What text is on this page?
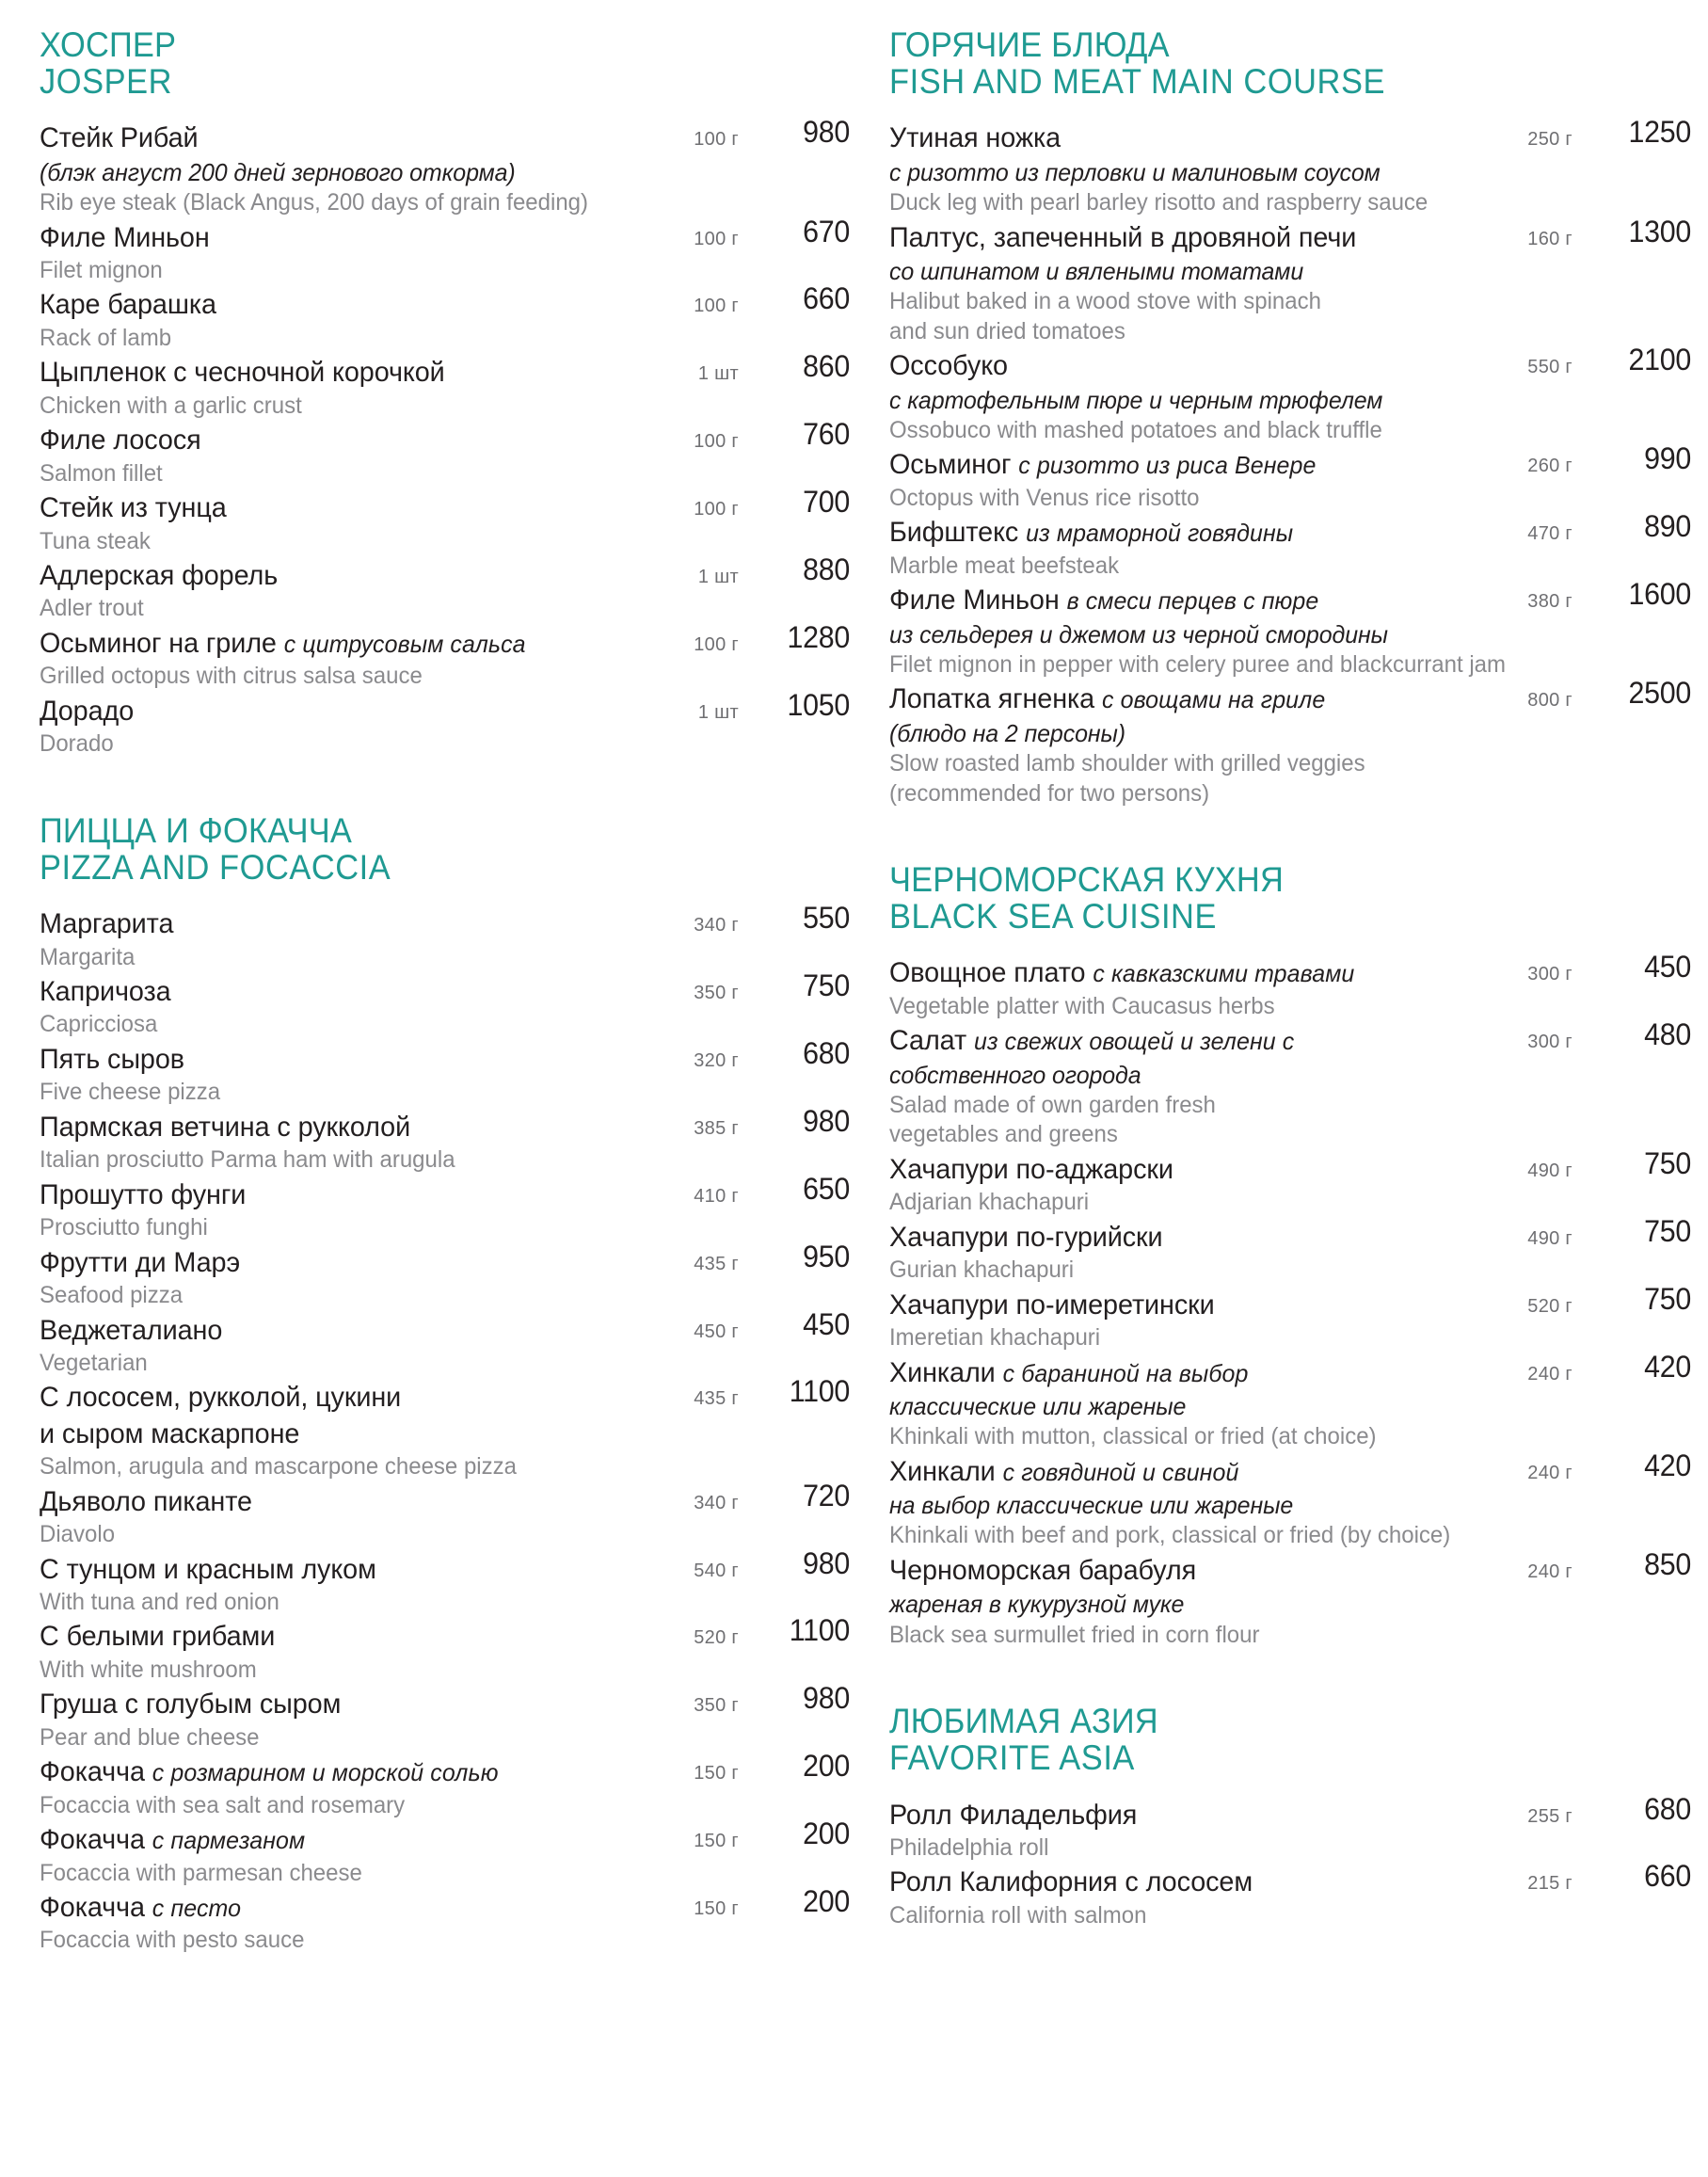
ХОСПЕР
JOSPER
Стейк Рибай
(блэк ангуст 200 дней зернового откорма)
100 г	980
Rib eye steak (Black Angus, 200 days of grain feeding)
Филе Миньон	100 г	670
Filet mignon
Каре барашка	100 г	660
Rack of lamb
Цыпленок с чесночной корочкой	1 шт	860
Chicken with a garlic crust
Филе лосося	100 г	760
Salmon fillet
Стейк из тунца	100 г	700
Tuna steak
Адлерская форель	1 шт	880
Adler trout
Осьминог на гриле с цитрусовым сальса	100 г	1280
Grilled octopus with citrus salsa sauce
Дорадо	1 шт	1050
Dorado
ПИЦЦА И ФОКАЧЧА
PIZZA AND FOCACCIA
Маргарита	340 г	550
Margarita
Капричоза	350 г	750
Capricciosa
Пять сыров	320 г	680
Five cheese pizza
Пармская ветчина с рукколой	385 г	980
Italian prosciutto Parma ham with arugula
Прошутто фунги	410 г	650
Prosciutto funghi
Фрутти ди Марэ	435 г	950
Seafood pizza
Веджеталиано	450 г	450
Vegetarian
С лососем, рукколой, цукини
и сыром маскарпоне
435 г	1100
Salmon, arugula and mascarpone cheese pizza
Дьяволо пиканте	340 г	720
Diavolo
С тунцом и красным луком	540 г	980
With tuna and red onion
С белыми грибами	520 г	1100
With white mushroom
Груша с голубым сыром	350 г	980
Pear and blue cheese
Фокачча с розмарином и морской солью	150 г	200
Focaccia with sea salt and rosemary
Фокачча с пармезаном	150 г	200
Focaccia with parmesan cheese
Фокачча с песто	150 г	200
Focaccia with pesto sauce
ГОРЯЧИЕ БЛЮДА
FISH AND MEAT MAIN COURSE
Утиная ножка
с ризотто из перловки и малиновым соусом
250 г	1250
Duck leg with pearl barley risotto and raspberry sauce
Палтус, запеченный в дровяной печи
со шпинатом и вялеными томатами
160 г	1300
Halibut baked in a wood stove with spinach
and sun dried tomatoes
Оссобуко
с картофельным пюре и черным трюфелем
550 г	2100
Ossobuco with mashed potatoes and black truffle
Осьминог с ризотто из риса Венере	260 г	990
Octopus with Venus rice risotto
Бифштекс из мраморной говядины	470 г	890
Marble meat beefsteak
Филе Миньон в смеси перцев с пюре
из сельдерея и джемом из черной смородины
380 г	1600
Filet mignon in pepper with celery puree and blackcurrant jam
Лопатка ягненка с овощами на гриле
(блюдо на 2 персоны)
800 г	2500
Slow roasted lamb shoulder with grilled veggies
(recommended for two persons)
ЧЕРНОМОРСКАЯ КУХНЯ
BLACK SEA CUISINE
Овощное плато с кавказскими травами	300 г	450
Vegetable platter with Caucasus herbs
Салат из свежих овощей и зелени с
собственного огорода
300 г	480
Salad made of own garden fresh
vegetables and greens
Хачапури по-аджарски	490 г	750
Adjarian khachapuri
Хачапури по-гурийски	490 г	750
Gurian khachapuri
Хачапури по-имеретински	520 г	750
Imeretian khachapuri
Хинкали с бараниной на выбор
классические или жареные
240 г	420
Khinkali with mutton, classical or fried (at choice)
Хинкали с говядиной и свиной
на выбор классические или жареные
240 г	420
Khinkali with beef and pork, classical or fried (by choice)
Черноморская барабуля
жареная в кукурузной муке
240 г	850
Black sea surmullet fried in corn flour
ЛЮБИМАЯ АЗИЯ
FAVORITE ASIA
Ролл Филадельфия	255 г	680
Philadelphia roll
Ролл Калифорния с лососем	215 г	660
California roll with salmon
